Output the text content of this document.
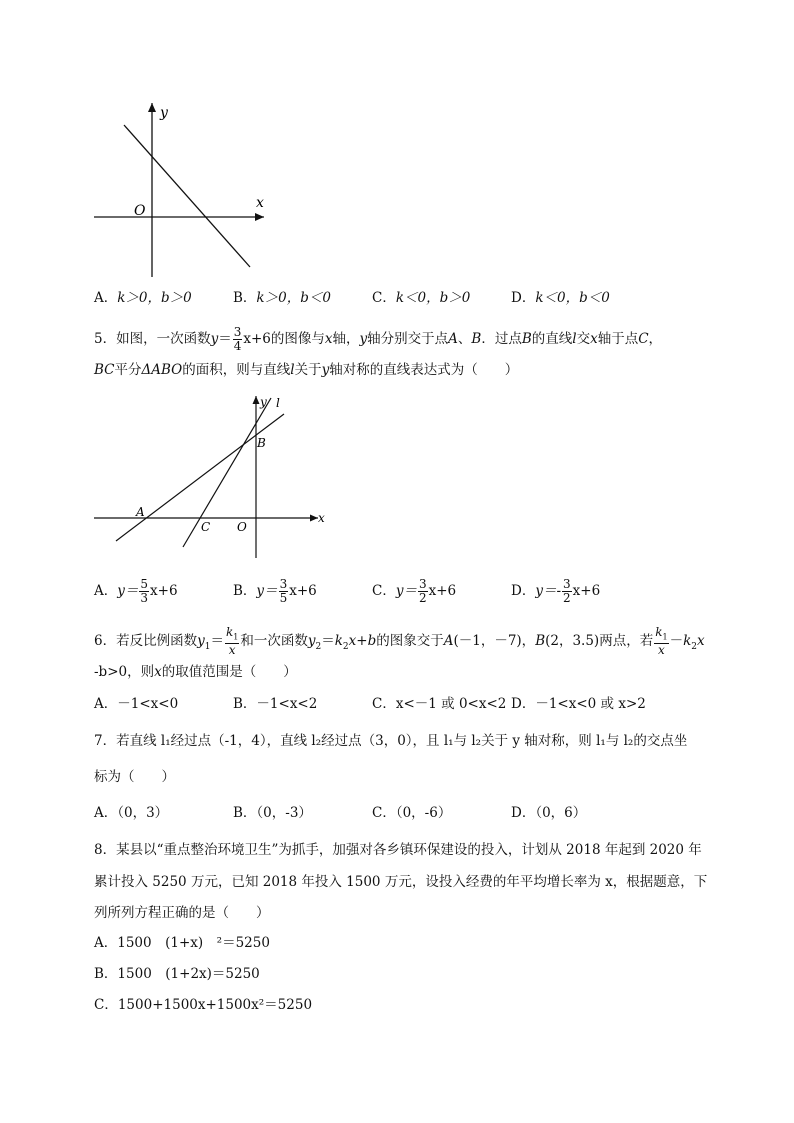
y
x
O
A．k＞0，b＞0	B．k＞0，b＜0	C．k＜0，b＞0	D．k＜0，b＜0
5．如图，一次函数$y= \frac{3}{4} x+6$的图像与x轴，y轴分别交于点A、B．过点B的直线l交x轴于点C，
BC平分ΔABO的面积，则与直线l关于y轴对称的直线表达式为（　　）
y l
x
B
A
C O
A．$y= \frac{5}{3} x+6$	B．$y= \frac{3}{5} x+6$	C．$y= \frac{3}{2} x+6$	D．$y=- \frac{3}{2} x+6$
6．若反比例函数$y_1= \frac{k_1}{x}$和一次函数$y_2=k_2x+b$的图象交于A(－1，－7)，B(2，3.5)两点，若 $\frac{k_1}{x}-k_2x$
-b>0，则x的取值范围是（　　）
A．－1<x<0	B．－1<x<2	C．x<－1 或 0<x<2 D．－1<x<0 或 x>2
7．若直线 l₁经过点（-1，4），直线 l₂经过点（3，0），且 l₁与 l₂关于 y 轴对称，则 l₁与 l₂的交点坐
标为（　　）
A．（0，3）	B．（0，-3）	C．（0，-6）	D．（0，6）
8．某县以“重点整治环境卫生”为抓手，加强对各乡镇环保建设的投入，计划从 2018 年起到 2020 年
累计投入 5250 万元，已知 2018 年投入 1500 万元，设投入经费的年平均增长率为 x，根据题意，下
列所列方程正确的是（　　）
A．1500　(1+x)　²＝5250
B．1500　(1+2x)＝5250
C．1500+1500x+1500x²＝5250
